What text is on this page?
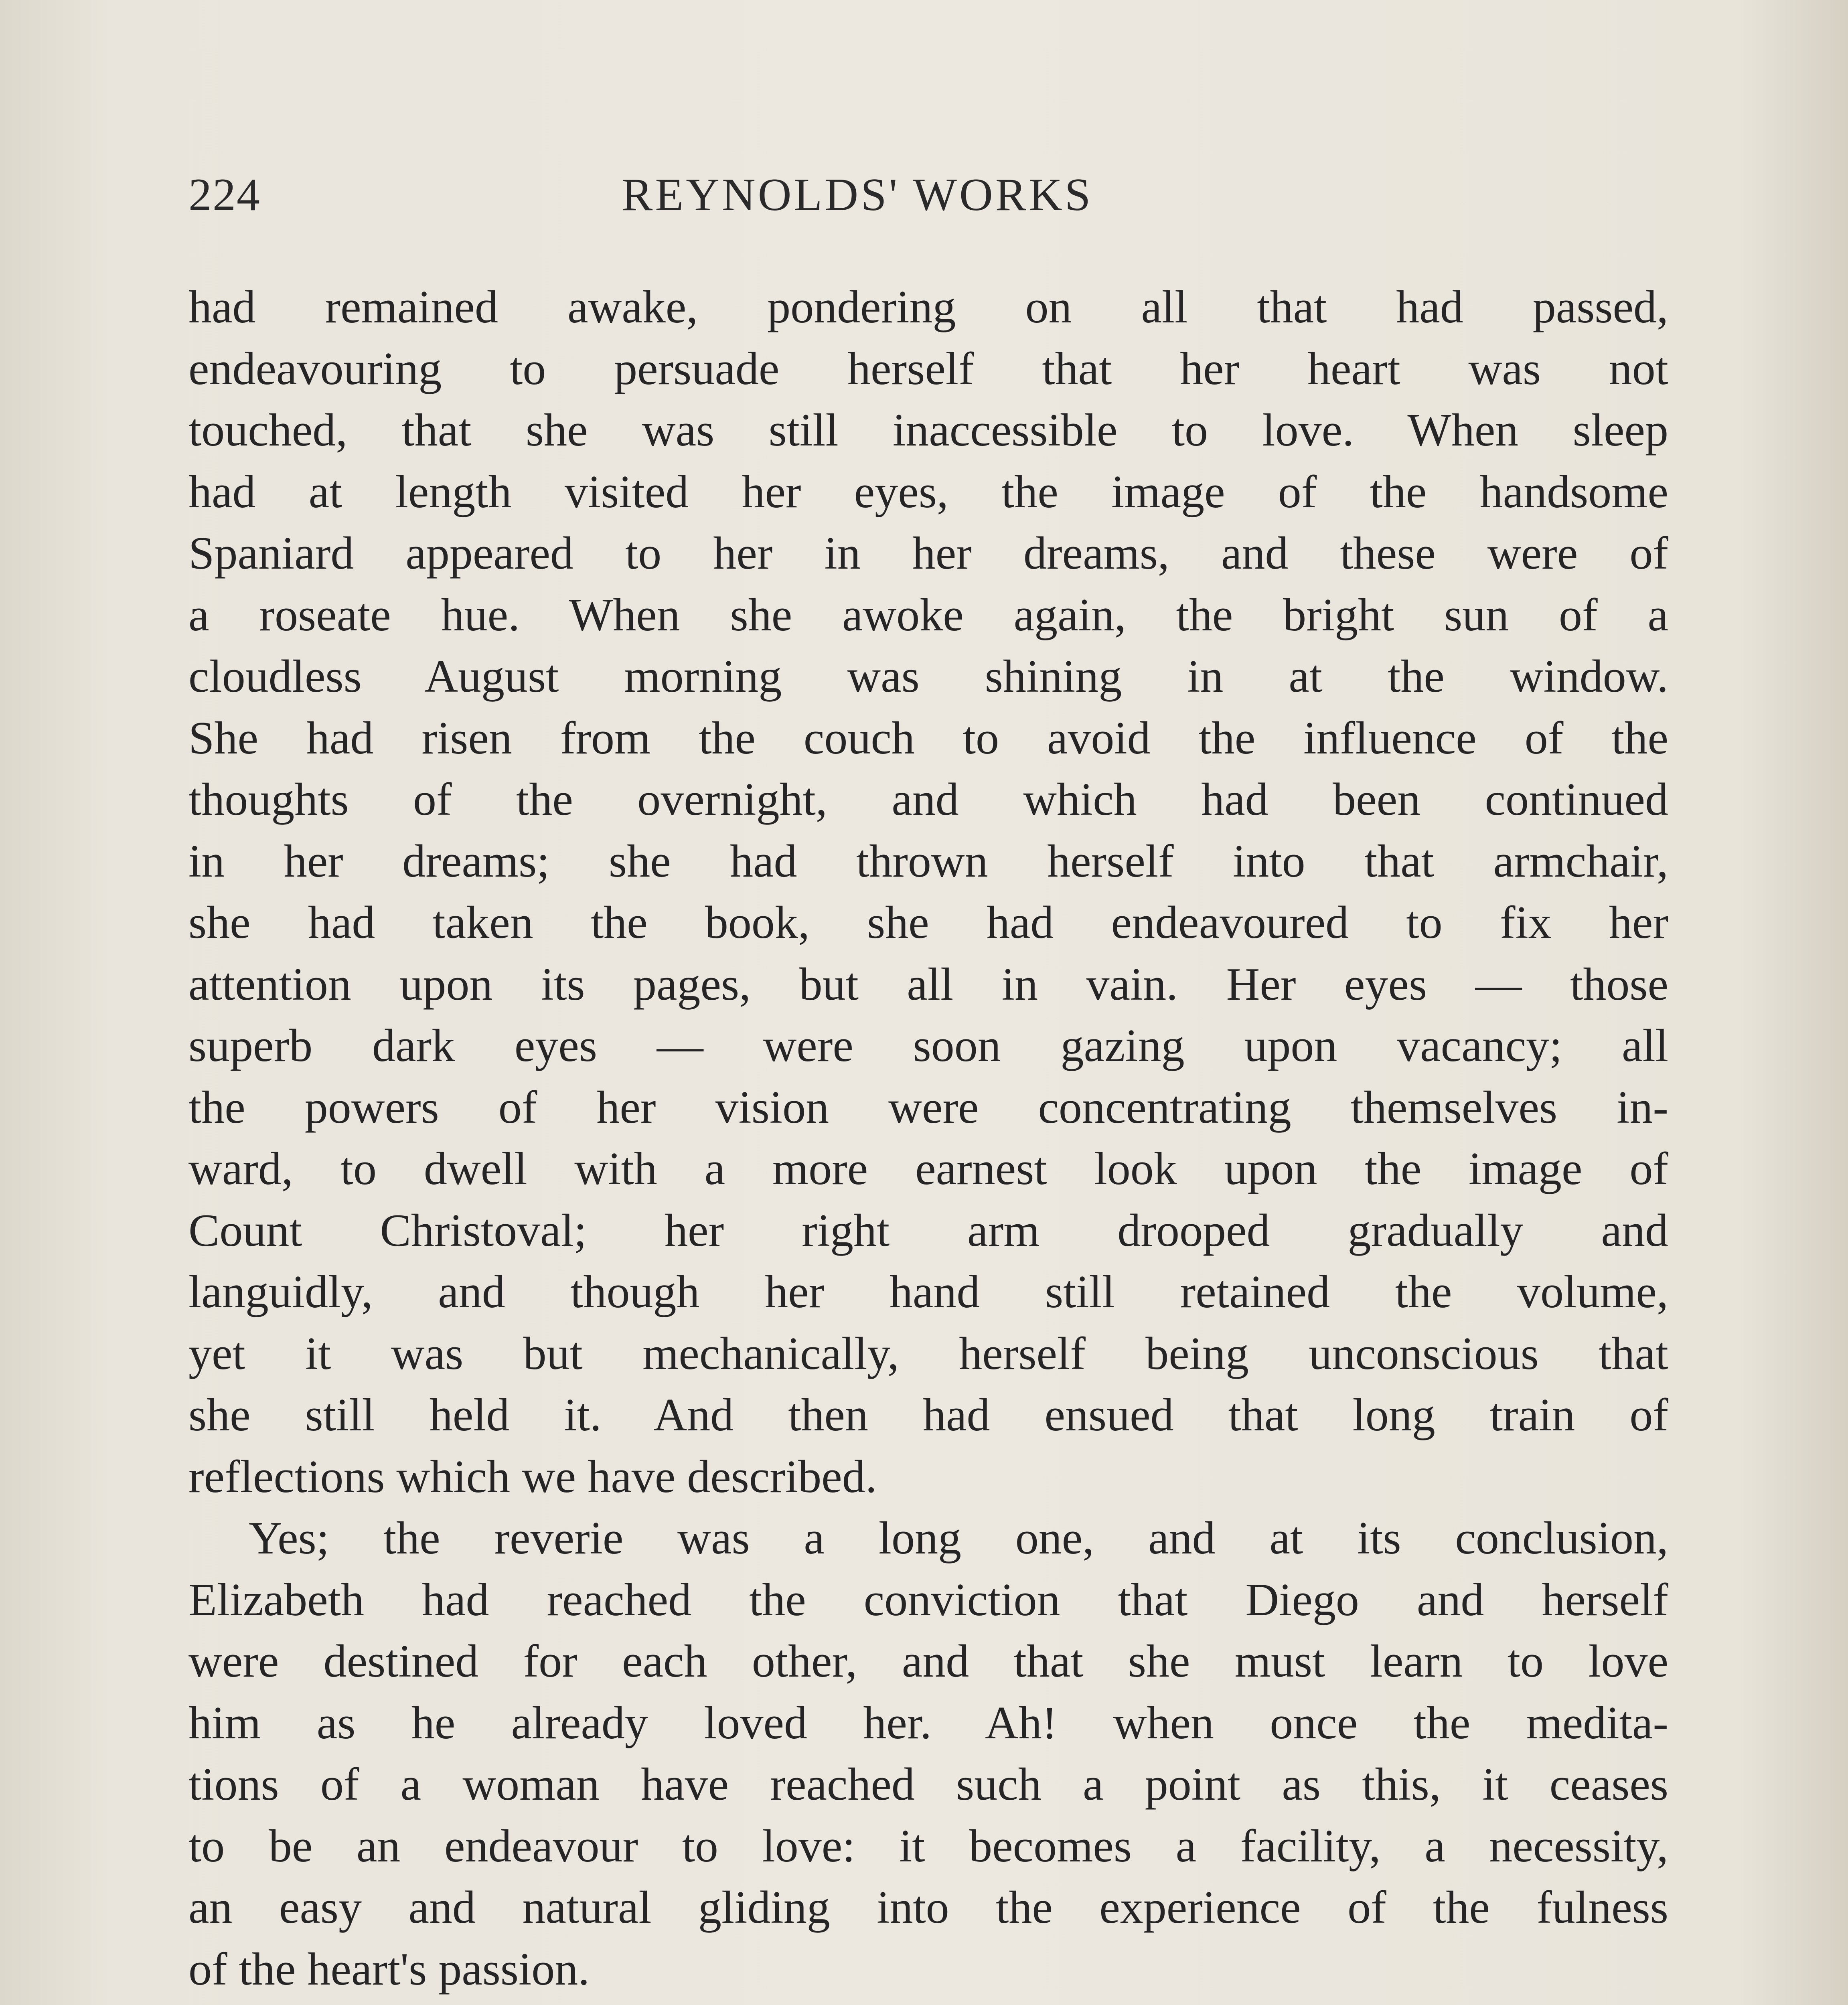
224	REYNOLDS' WORKS
had remained awake, pondering on all that had passed,
endeavouring to persuade herself that her heart was not
touched, that she was still inaccessible to love. When sleep
had at length visited her eyes, the image of the handsome
Spaniard appeared to her in her dreams, and these were of
a roseate hue. When she awoke again, the bright sun of a
cloudless August morning was shining in at the window.
She had risen from the couch to avoid the influence of the
thoughts of the overnight, and which had been continued
in her dreams; she had thrown herself into that armchair,
she had taken the book, she had endeavoured to fix her
attention upon its pages, but all in vain. Her eyes — those
superb dark eyes — were soon gazing upon vacancy; all
the powers of her vision were concentrating themselves in-
ward, to dwell with a more earnest look upon the image of
Count Christoval; her right arm drooped gradually and
languidly, and though her hand still retained the volume,
yet it was but mechanically, herself being unconscious that
she still held it. And then had ensued that long train of
reflections which we have described.
Yes; the reverie was a long one, and at its conclusion,
Elizabeth had reached the conviction that Diego and herself
were destined for each other, and that she must learn to love
him as he already loved her. Ah! when once the medita-
tions of a woman have reached such a point as this, it ceases
to be an endeavour to love: it becomes a facility, a necessity,
an easy and natural gliding into the experience of the fulness
of the heart's passion.
